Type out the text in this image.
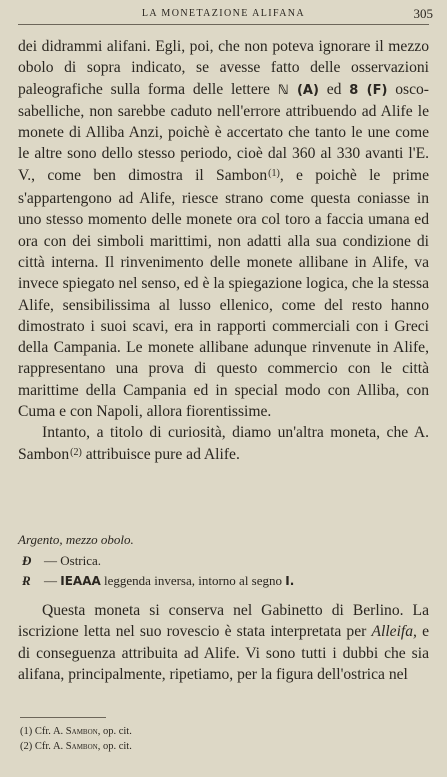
LA MONETAZIONE ALIFANA	305

dei didrammi alifani. Egli, poi, che non poteva ignorare il mezzo obolo di sopra indicato, se avesse fatto delle osservazioni paleografiche sulla forma delle lettere ℕ (A) ed 8 (F) osco-sabelliche, non sarebbe caduto nell'errore attribuendo ad Alife le monete di Alliba Anzi, poichè è accertato che tanto le une come le altre sono dello stesso periodo, cioè dal 360 al 330 avanti l'E. V., come ben dimostra il Sambon$^{(1)}$, e poichè le prime s'appartengono ad Alife, riesce strano come questa coniasse in uno stesso momento delle monete ora col toro a faccia umana ed ora con dei simboli marittimi, non adatti alla sua condizione di città interna. Il rinvenimento delle monete allibane in Alife, va invece spiegato nel senso, ed è la spiegazione logica, che la stessa Alife, sensibilissima al lusso ellenico, come del resto hanno dimostrato i suoi scavi, era in rapporti commerciali con i Greci della Campania. Le monete allibane adunque rinvenute in Alife, rappresentano una prova di questo commercio con le città marittime della Campania ed in special modo con Alliba, con Cuma e con Napoli, allora fiorentissime.

Intanto, a titolo di curiosità, diamo un'altra moneta, che A. Sambon$^{(2)}$ attribuisce pure ad Alife.

Argento, mezzo obolo.

Ɖ — Ostrica.
Ɍ — IEAAA leggenda inversa, intorno al segno I.

Questa moneta si conserva nel Gabinetto di Berlino. La iscrizione letta nel suo rovescio è stata interpretata per Alleifa, e di conseguenza attribuita ad Alife. Vi sono tutti i dubbi che sia alifana, principalmente, ripetiamo, per la figura dell'ostrica nel

(1) Cfr. A. Sambon, op. cit.
(2) Cfr. A. Sambon, op. cit.
